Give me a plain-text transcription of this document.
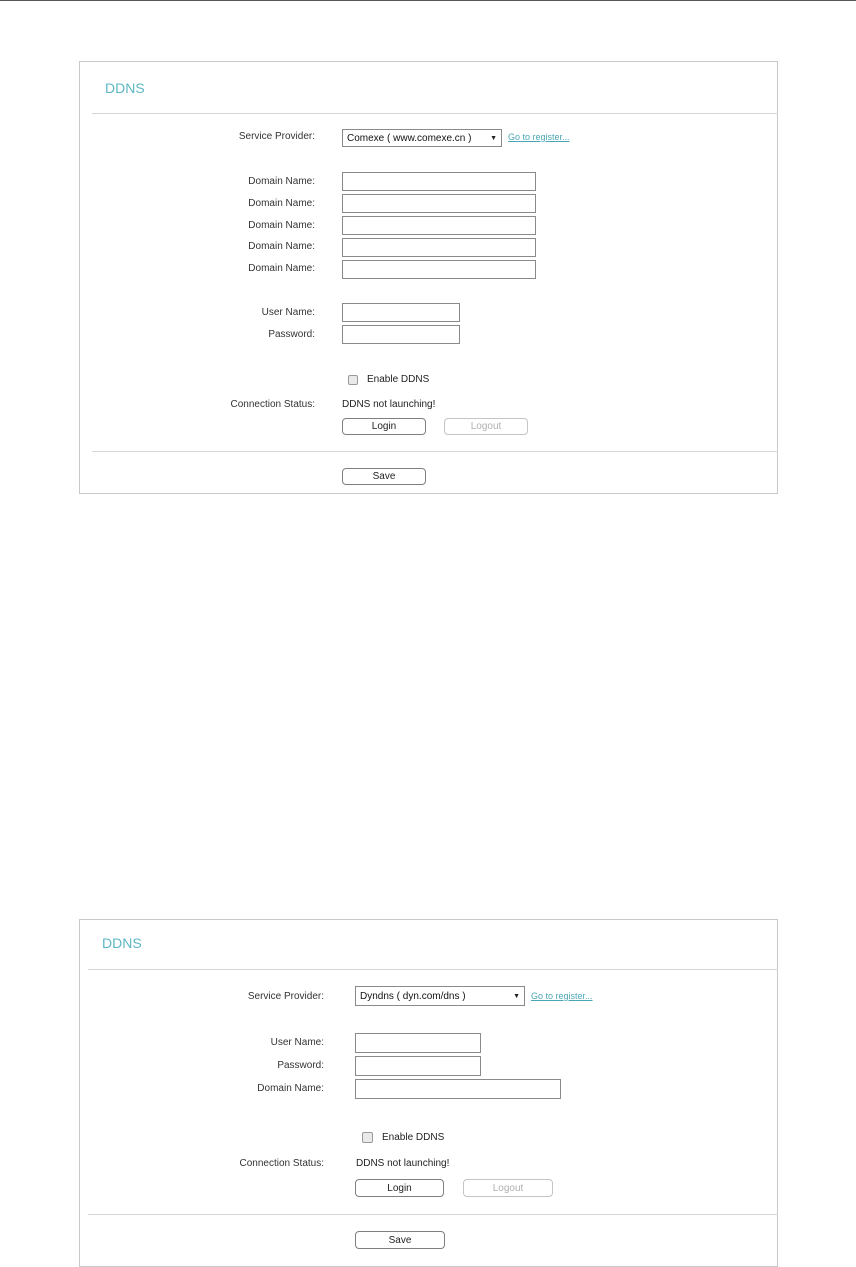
DDNS
Service Provider:	Comexe ( www.comexe.cn )	▼ Go to register...
Domain Name:
Domain Name:
Domain Name:
Domain Name:
Domain Name:
User Name:
Password:
Enable DDNS
Connection Status:	DDNS not launching!
Login	Logout
Save
DDNS
Service Provider:	Dyndns ( dyn.com/dns )	▼ Go to register...
User Name:
Password:
Domain Name:
Enable DDNS
Connection Status:	DDNS not launching!
Login	Logout
Save
